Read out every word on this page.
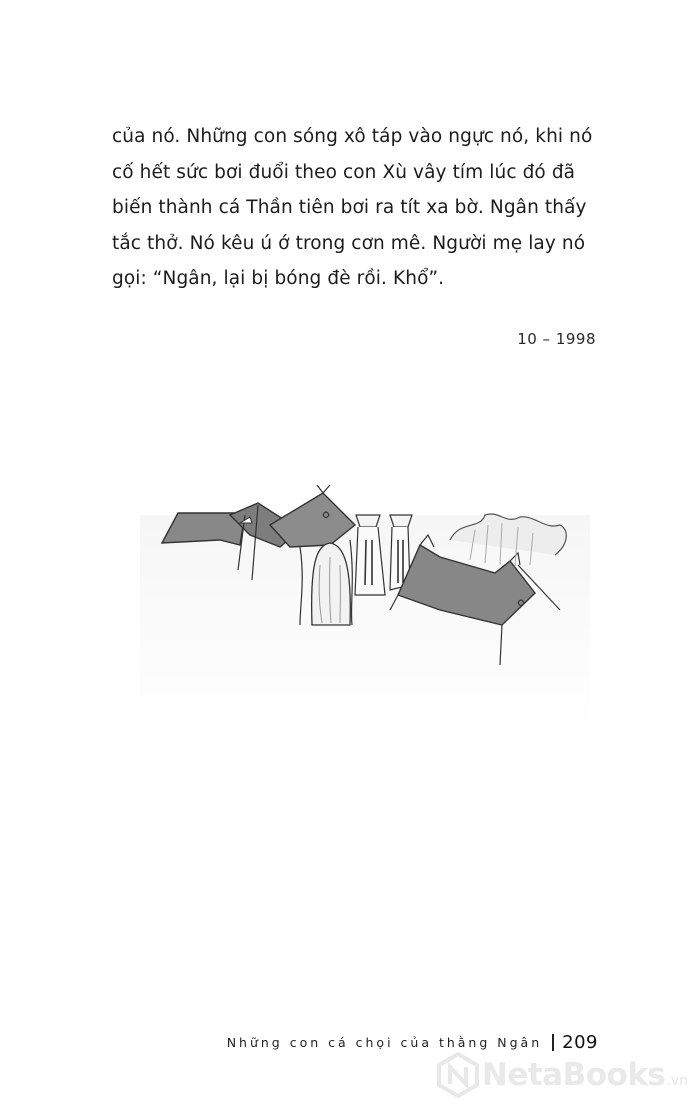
của nó. Những con sóng xô táp vào ngực nó, khi nó
cố hết sức bơi đuổi theo con Xù vây tím lúc đó đã
biến thành cá Thần tiên bơi ra tít xa bờ. Ngân thấy
tắc thở. Nó kêu ú ớ trong cơn mê. Người mẹ lay nó
gọi: “Ngân, lại bị bóng đè rồi. Khổ”.
10 – 1998
Những con cá chọi của thằng Ngân 209
NetaBooks .vn
